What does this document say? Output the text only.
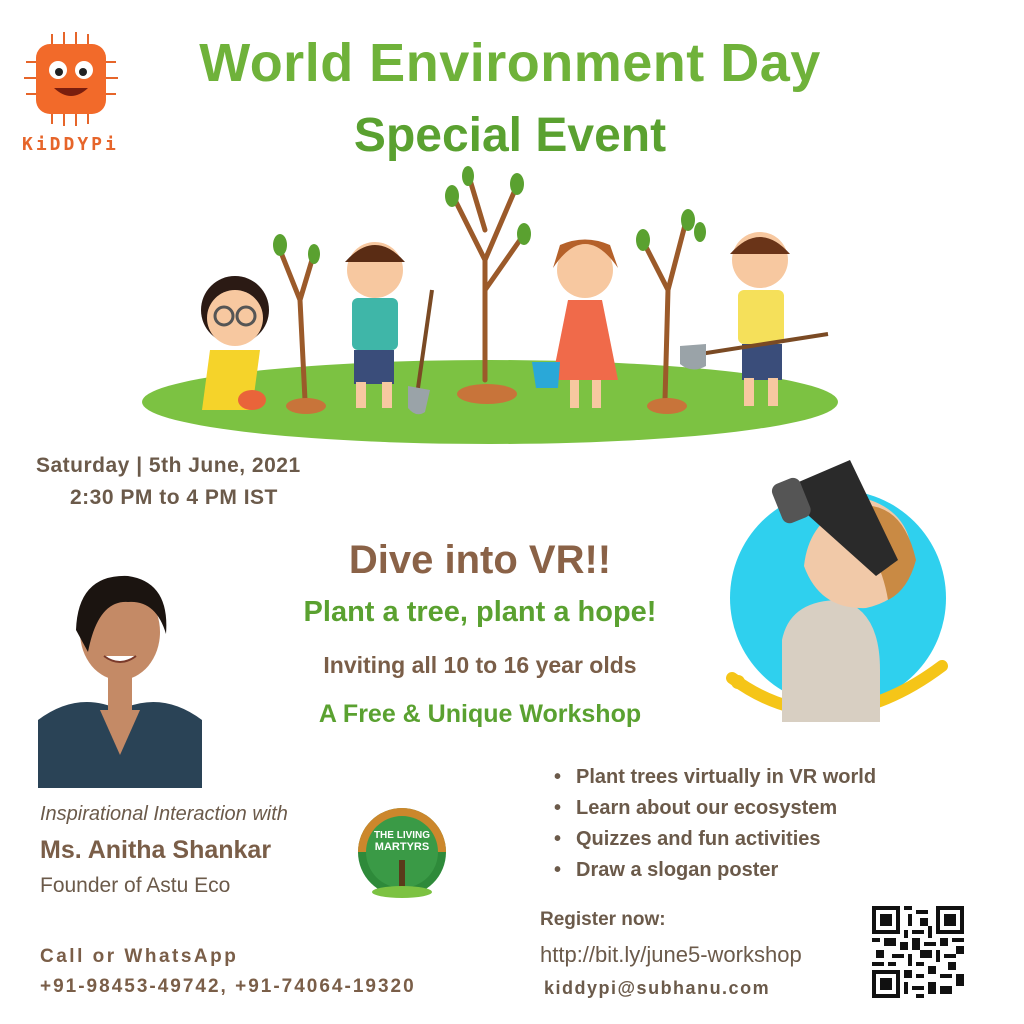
KiDDYPi
World Environment Day
Special Event
Saturday | 5th June, 2021
2:30 PM to 4 PM IST
Dive into VR!!
Plant a tree, plant a hope!
Inviting all 10 to 16 year olds
A Free & Unique Workshop
Inspirational Interaction with
Ms. Anitha Shankar
Founder of Astu Eco
THE LIVING
MARTYRS
• Plant trees virtually in VR world
• Learn about our ecosystem
• Quizzes and fun activities
• Draw a slogan poster
Call or WhatsApp
+91-98453-49742, +91-74064-19320
Register now:
http://bit.ly/june5-workshop
kiddypi@subhanu.com
